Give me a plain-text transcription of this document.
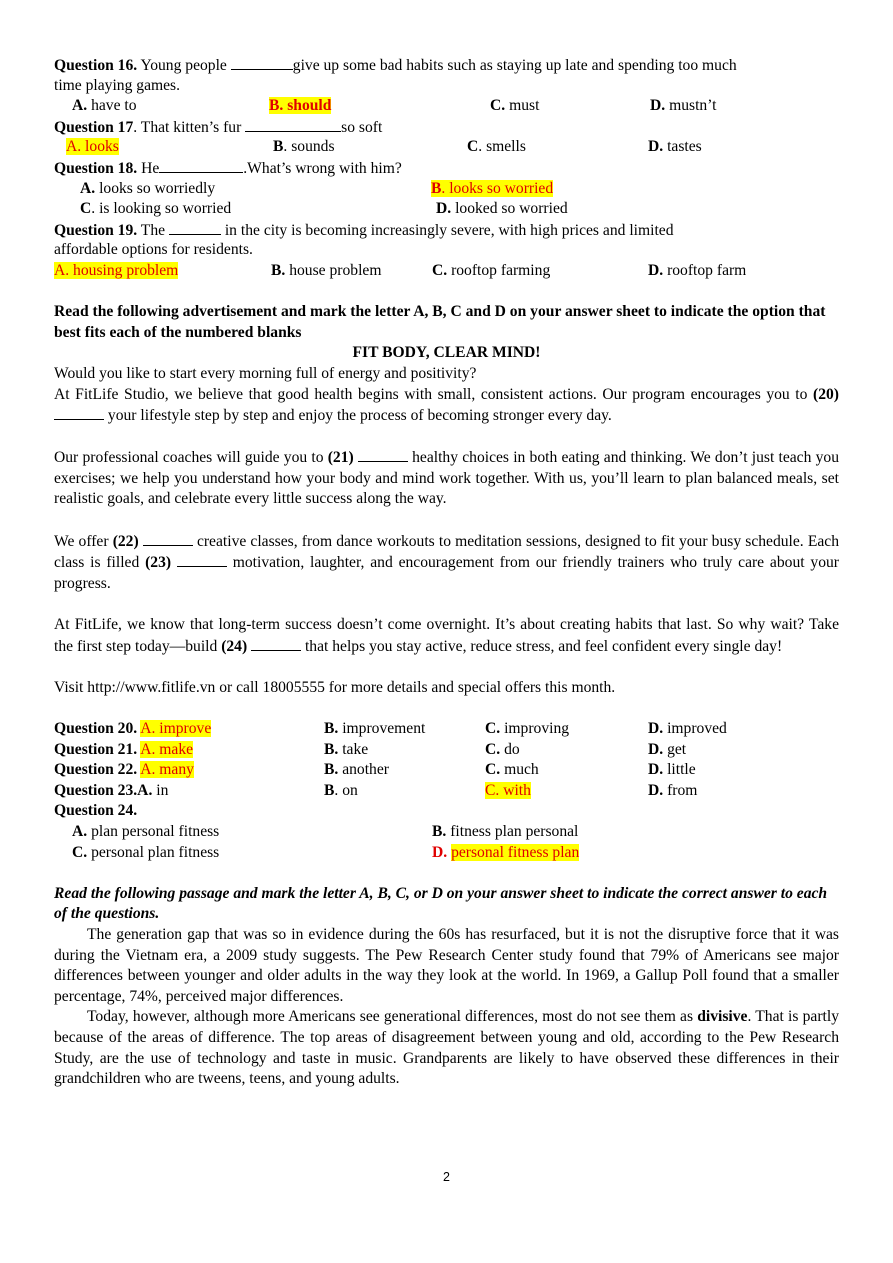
Question 16. Young people	give up some bad habits such as staying up late and spending too much
time playing games.
A. have to	B. should	C. must	D. mustn’t
Question 17. That kitten’s fur	so soft
A. looks	B. sounds	C. smells	D. tastes
Question 18. He	.What’s wrong with him?
A. looks so worriedly	B. looks so worried
C. is looking so worried	D. looked so worried
Question 19. The	in the city is becoming increasingly severe, with high prices and limited
affordable options for residents.
A. housing problem	B. house problem	C. rooftop farming	D. rooftop farm
Read the following advertisement and mark the letter A, B, C and D on your answer sheet to indicate the option that best fits each of the numbered blanks
FIT BODY, CLEAR MIND!
Would you like to start every morning full of energy and positivity?
At FitLife Studio, we believe that good health begins with small, consistent actions. Our program encourages you to (20)  your lifestyle step by step and enjoy the process of becoming stronger every day.
Our professional coaches will guide you to (21)	healthy choices in both eating and thinking. We don’t just teach you exercises; we help you understand how your body and mind work together. With us, you’ll learn to plan balanced meals, set realistic goals, and celebrate every little success along the way.
We offer (22)	creative classes, from dance workouts to meditation sessions, designed to fit your busy schedule. Each class is filled (23)	motivation, laughter, and encouragement from our friendly trainers who truly care about your progress.
At FitLife, we know that long-term success doesn’t come overnight. It’s about creating habits that last. So why wait? Take the first step today—build (24)	that helps you stay active, reduce stress, and feel confident every single day!
Visit http://www.fitlife.vn or call 18005555 for more details and special offers this month.
Question 20. A. improve	B. improvement	C. improving	D. improved
Question 21. A. make	B. take	C. do	D. get
Question 22. A. many	B. another	C. much	D. little
Question 23.A. in	B. on	C. with	D. from
Question 24.
A. plan personal fitness	B. fitness plan personal
C. personal plan fitness	D. personal fitness plan
Read the following passage and mark the letter A, B, C, or D on your answer sheet to indicate the correct answer to each of the questions.
The generation gap that was so in evidence during the 60s has resurfaced, but it is not the disruptive force that it was during the Vietnam era, a 2009 study suggests. The Pew Research Center study found that 79% of Americans see major differences between younger and older adults in the way they look at the world. In 1969, a Gallup Poll found that a smaller percentage, 74%, perceived major differences.
Today, however, although more Americans see generational differences, most do not see them as divisive. That is partly because of the areas of difference. The top areas of disagreement between young and old, according to the Pew Research Study, are the use of technology and taste in music. Grandparents are likely to have observed these differences in their grandchildren who are tweens, teens, and young adults.
2
